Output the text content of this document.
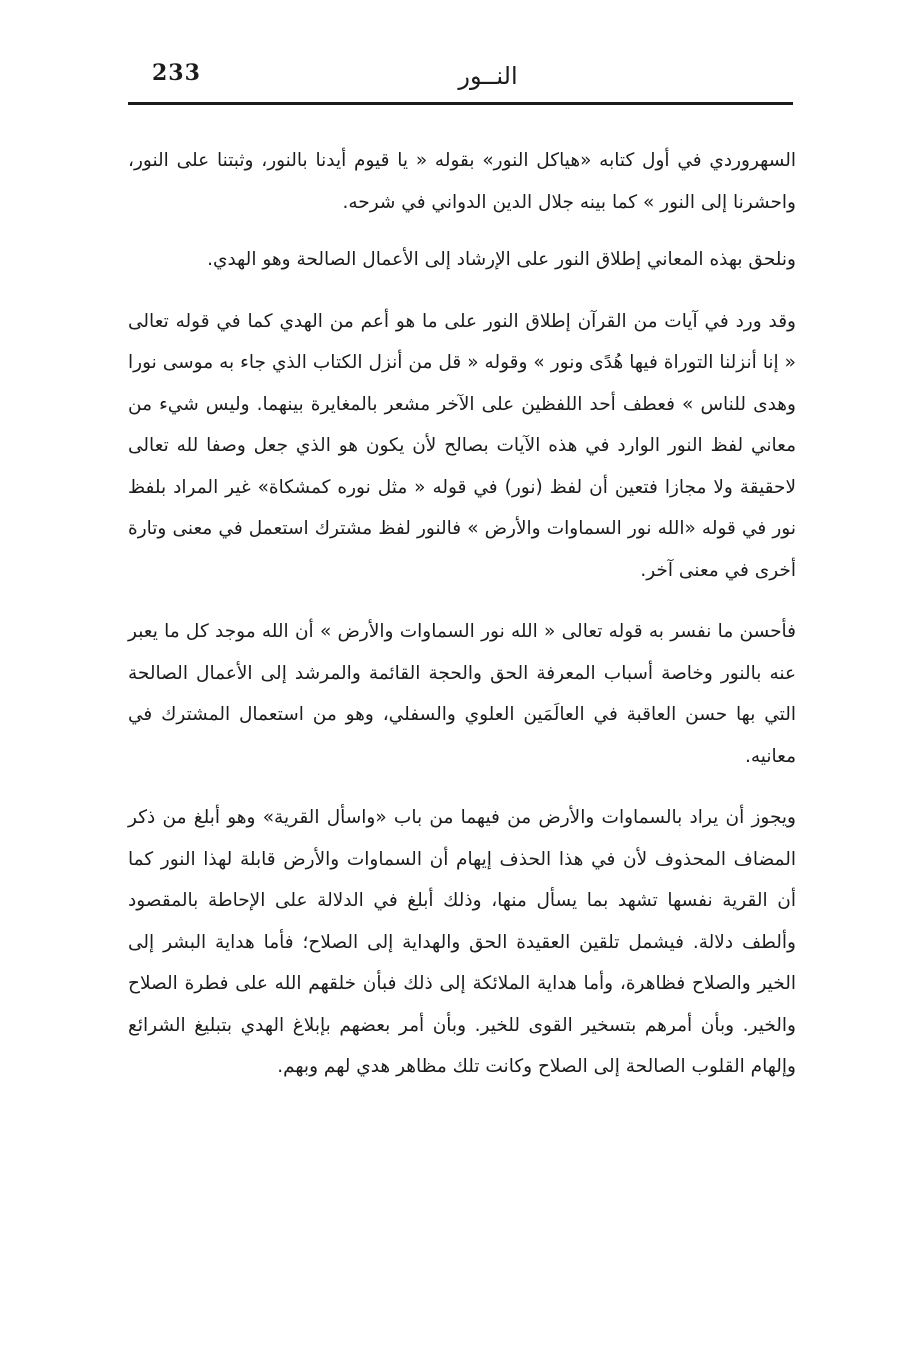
233	النــور

السهروردي في أول كتابه «هياكل النور» بقوله « يا قيوم أيدنا بالنور، وثبتنا على النور، واحشرنا إلى النور » كما بينه جلال الدين الدواني في شرحه.

ونلحق بهذه المعاني إطلاق النور على الإرشاد إلى الأعمال الصالحة وهو الهدي.

وقد ورد في آيات من القرآن إطلاق النور على ما هو أعم من الهدي كما في قوله تعالى « إنا أنزلنا التوراة فيها هُدًى ونور » وقوله « قل من أنزل الكتاب الذي جاء به موسى نورا وهدى للناس » فعطف أحد اللفظين على الآخر مشعر بالمغايرة بينهما. وليس شيء من معاني لفظ النور الوارد في هذه الآيات بصالح لأن يكون هو الذي جعل وصفا لله تعالى لاحقيقة ولا مجازا فتعين أن لفظ (نور) في قوله « مثل نوره كمشكاة» غير المراد بلفظ نور في قوله «الله نور السماوات والأرض » فالنور لفظ مشترك استعمل في معنى وتارة أخرى في معنى آخر.

فأحسن ما نفسر به قوله تعالى « الله نور السماوات والأرض » أن الله موجد كل ما يعبر عنه بالنور وخاصة أسباب المعرفة الحق والحجة القائمة والمرشد إلى الأعمال الصالحة التي بها حسن العاقبة في العالَمَين العلوي والسفلي، وهو من استعمال المشترك في معانيه.

ويجوز أن يراد بالسماوات والأرض من فيهما من باب «واسأل القرية» وهو أبلغ من ذكر المضاف المحذوف لأن في هذا الحذف إيهام أن السماوات والأرض قابلة لهذا النور كما أن القرية نفسها تشهد بما يسأل منها، وذلك أبلغ في الدلالة على الإحاطة بالمقصود وألطف دلالة. فيشمل تلقين العقيدة الحق والهداية إلى الصلاح؛ فأما هداية البشر إلى الخير والصلاح فظاهرة، وأما هداية الملائكة إلى ذلك فبأن خلقهم الله على فطرة الصلاح والخير. وبأن أمرهم بتسخير القوى للخير. وبأن أمر بعضهم بإبلاغ الهدي بتبليغ الشرائع وإلهام القلوب الصالحة إلى الصلاح وكانت تلك مظاهر هدي لهم وبهم.
